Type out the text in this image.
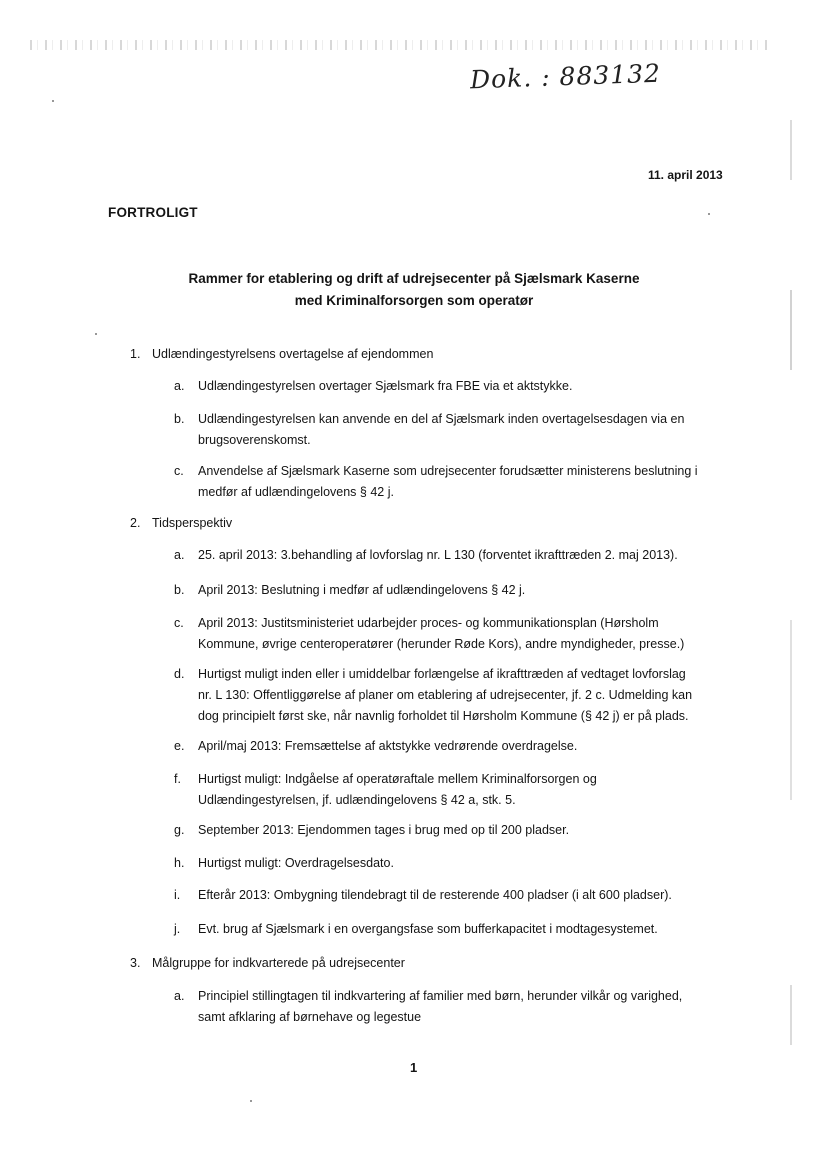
Dok. : 883132
11. april 2013
FORTROLIGT
Rammer for etablering og drift af udrejsecenter på Sjælsmark Kaserne
med Kriminalforsorgen som operatør
1. Udlændingestyrelsens overtagelse af ejendommen
a. Udlændingestyrelsen overtager Sjælsmark fra FBE via et aktstykke.
b. Udlændingestyrelsen kan anvende en del af Sjælsmark inden overtagelsesdagen via en
brugsoverenskomst.
c. Anvendelse af Sjælsmark Kaserne som udrejsecenter forudsætter ministerens beslutning i
medfør af udlændingelovens § 42 j.
2. Tidsperspektiv
a. 25. april 2013: 3.behandling af lovforslag nr. L 130 (forventet ikrafttræden 2. maj 2013).
b. April 2013: Beslutning i medfør af udlændingelovens § 42 j.
c. April 2013: Justitsministeriet udarbejder proces- og kommunikationsplan (Hørsholm
Kommune, øvrige centeroperatører (herunder Røde Kors), andre myndigheder, presse.)
d. Hurtigst muligt inden eller i umiddelbar forlængelse af ikrafttræden af vedtaget lovforslag
nr. L 130: Offentliggørelse af planer om etablering af udrejsecenter, jf. 2 c. Udmelding kan
dog principielt først ske, når navnlig forholdet til Hørsholm Kommune (§ 42 j) er på plads.
e. April/maj 2013: Fremsættelse af aktstykke vedrørende overdragelse.
f. Hurtigst muligt: Indgåelse af operatøraftale mellem Kriminalforsorgen og
Udlændingestyrelsen, jf. udlændingelovens § 42 a, stk. 5.
g. September 2013: Ejendommen tages i brug med op til 200 pladser.
h. Hurtigst muligt: Overdragelsesdato.
i. Efterår 2013: Ombygning tilendebragt til de resterende 400 pladser (i alt 600 pladser).
j. Evt. brug af Sjælsmark i en overgangsfase som bufferkapacitet i modtagesystemet.
3. Målgruppe for indkvarterede på udrejsecenter
a. Principiel stillingtagen til indkvartering af familier med børn, herunder vilkår og varighed,
samt afklaring af børnehave og legestue
1
